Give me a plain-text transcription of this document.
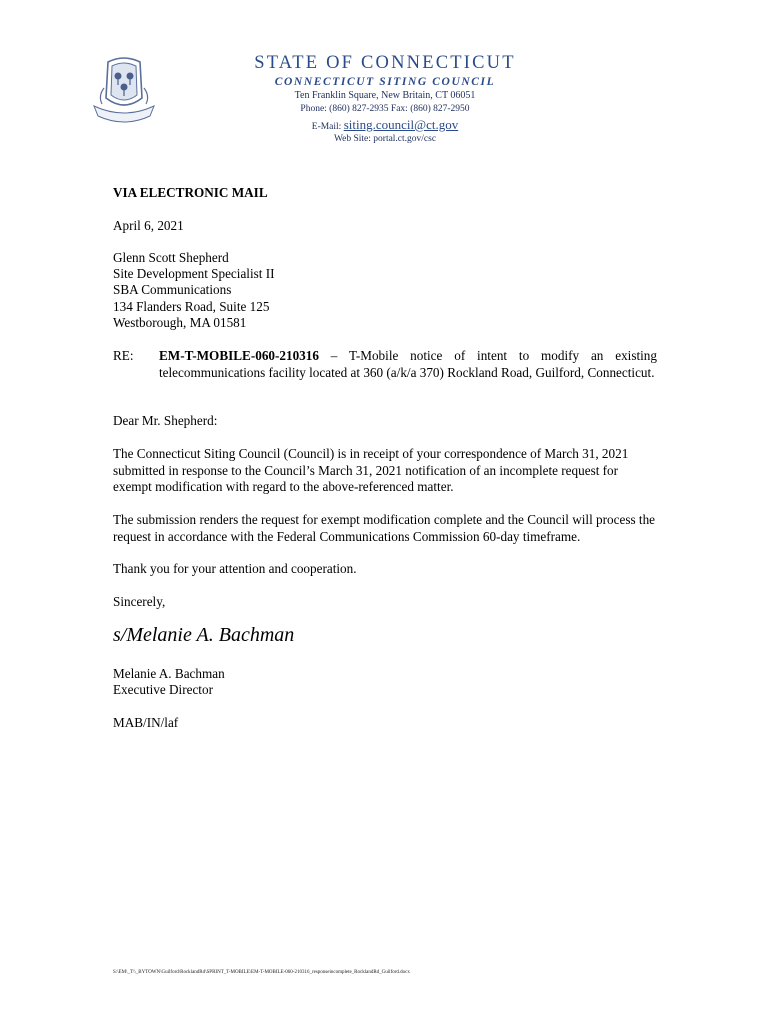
STATE OF CONNECTICUT
CONNECTICUT SITING COUNCIL
Ten Franklin Square, New Britain, CT 06051
Phone: (860) 827-2935 Fax: (860) 827-2950
E-Mail: siting.council@ct.gov
Web Site: portal.ct.gov/csc
VIA ELECTRONIC MAIL
April 6, 2021
Glenn Scott Shepherd
Site Development Specialist II
SBA Communications
134 Flanders Road, Suite 125
Westborough, MA 01581
RE: EM-T-MOBILE-060-210316 – T-Mobile notice of intent to modify an existing telecommunications facility located at 360 (a/k/a 370) Rockland Road, Guilford, Connecticut.
Dear Mr. Shepherd:
The Connecticut Siting Council (Council) is in receipt of your correspondence of March 31, 2021 submitted in response to the Council’s March 31, 2021 notification of an incomplete request for exempt modification with regard to the above-referenced matter.
The submission renders the request for exempt modification complete and the Council will process the request in accordance with the Federal Communications Commission 60-day timeframe.
Thank you for your attention and cooperation.
Sincerely,
s/Melanie A. Bachman
Melanie A. Bachman
Executive Director
MAB/IN/laf
S:\EM\_T\\_BYTOWN\Guilford\RocklandRd\SPRINT_T-MOBILE\EM-T-MOBILE-060-210316_responseincomplete_RocklandRd_Guilford.docx
